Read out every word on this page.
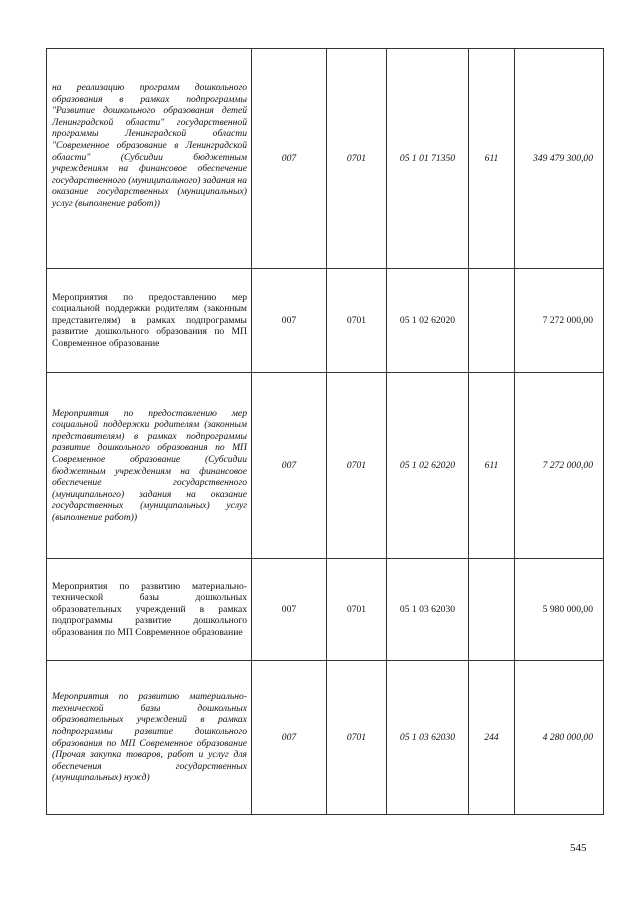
на реализацию программ дошкольного образования в рамках подпрограммы "Развитие дошкольного образования детей Ленинградской области" государственной программы Ленинградской области "Современное образование в Ленинградской области" (Субсидии бюджетным учреждениям на финансовое обеспечение государственного (муниципального) задания на оказание государственных (муниципальных) услуг (выполнение работ))	007	0701	05 1 01 71350	611	349 479 300,00
Мероприятия по предоставлению мер социальной поддержки родителям (законным представителям) в рамках подпрограммы развитие дошкольного образования по МП Современное образование	007	0701	05 1 02 62020		7 272 000,00
Мероприятия по предоставлению мер социальной поддержки родителям (законным представителям) в рамках подпрограммы развитие дошкольного образования по МП Современное образование (Субсидии бюджетным учреждениям на финансовое обеспечение государственного (муниципального) задания на оказание государственных (муниципальных) услуг (выполнение работ))	007	0701	05 1 02 62020	611	7 272 000,00
Мероприятия по развитию материально-технической базы дошкольных образовательных учреждений в рамках подпрограммы развитие дошкольного образования по МП Современное образование	007	0701	05 1 03 62030		5 980 000,00
Мероприятия по развитию материально-технической базы дошкольных образовательных учреждений в рамках подпрограммы развитие дошкольного образования по МП Современное образование (Прочая закупка товаров, работ и услуг для обеспечения государственных (муниципальных) нужд)	007	0701	05 1 03 62030	244	4 280 000,00
545
